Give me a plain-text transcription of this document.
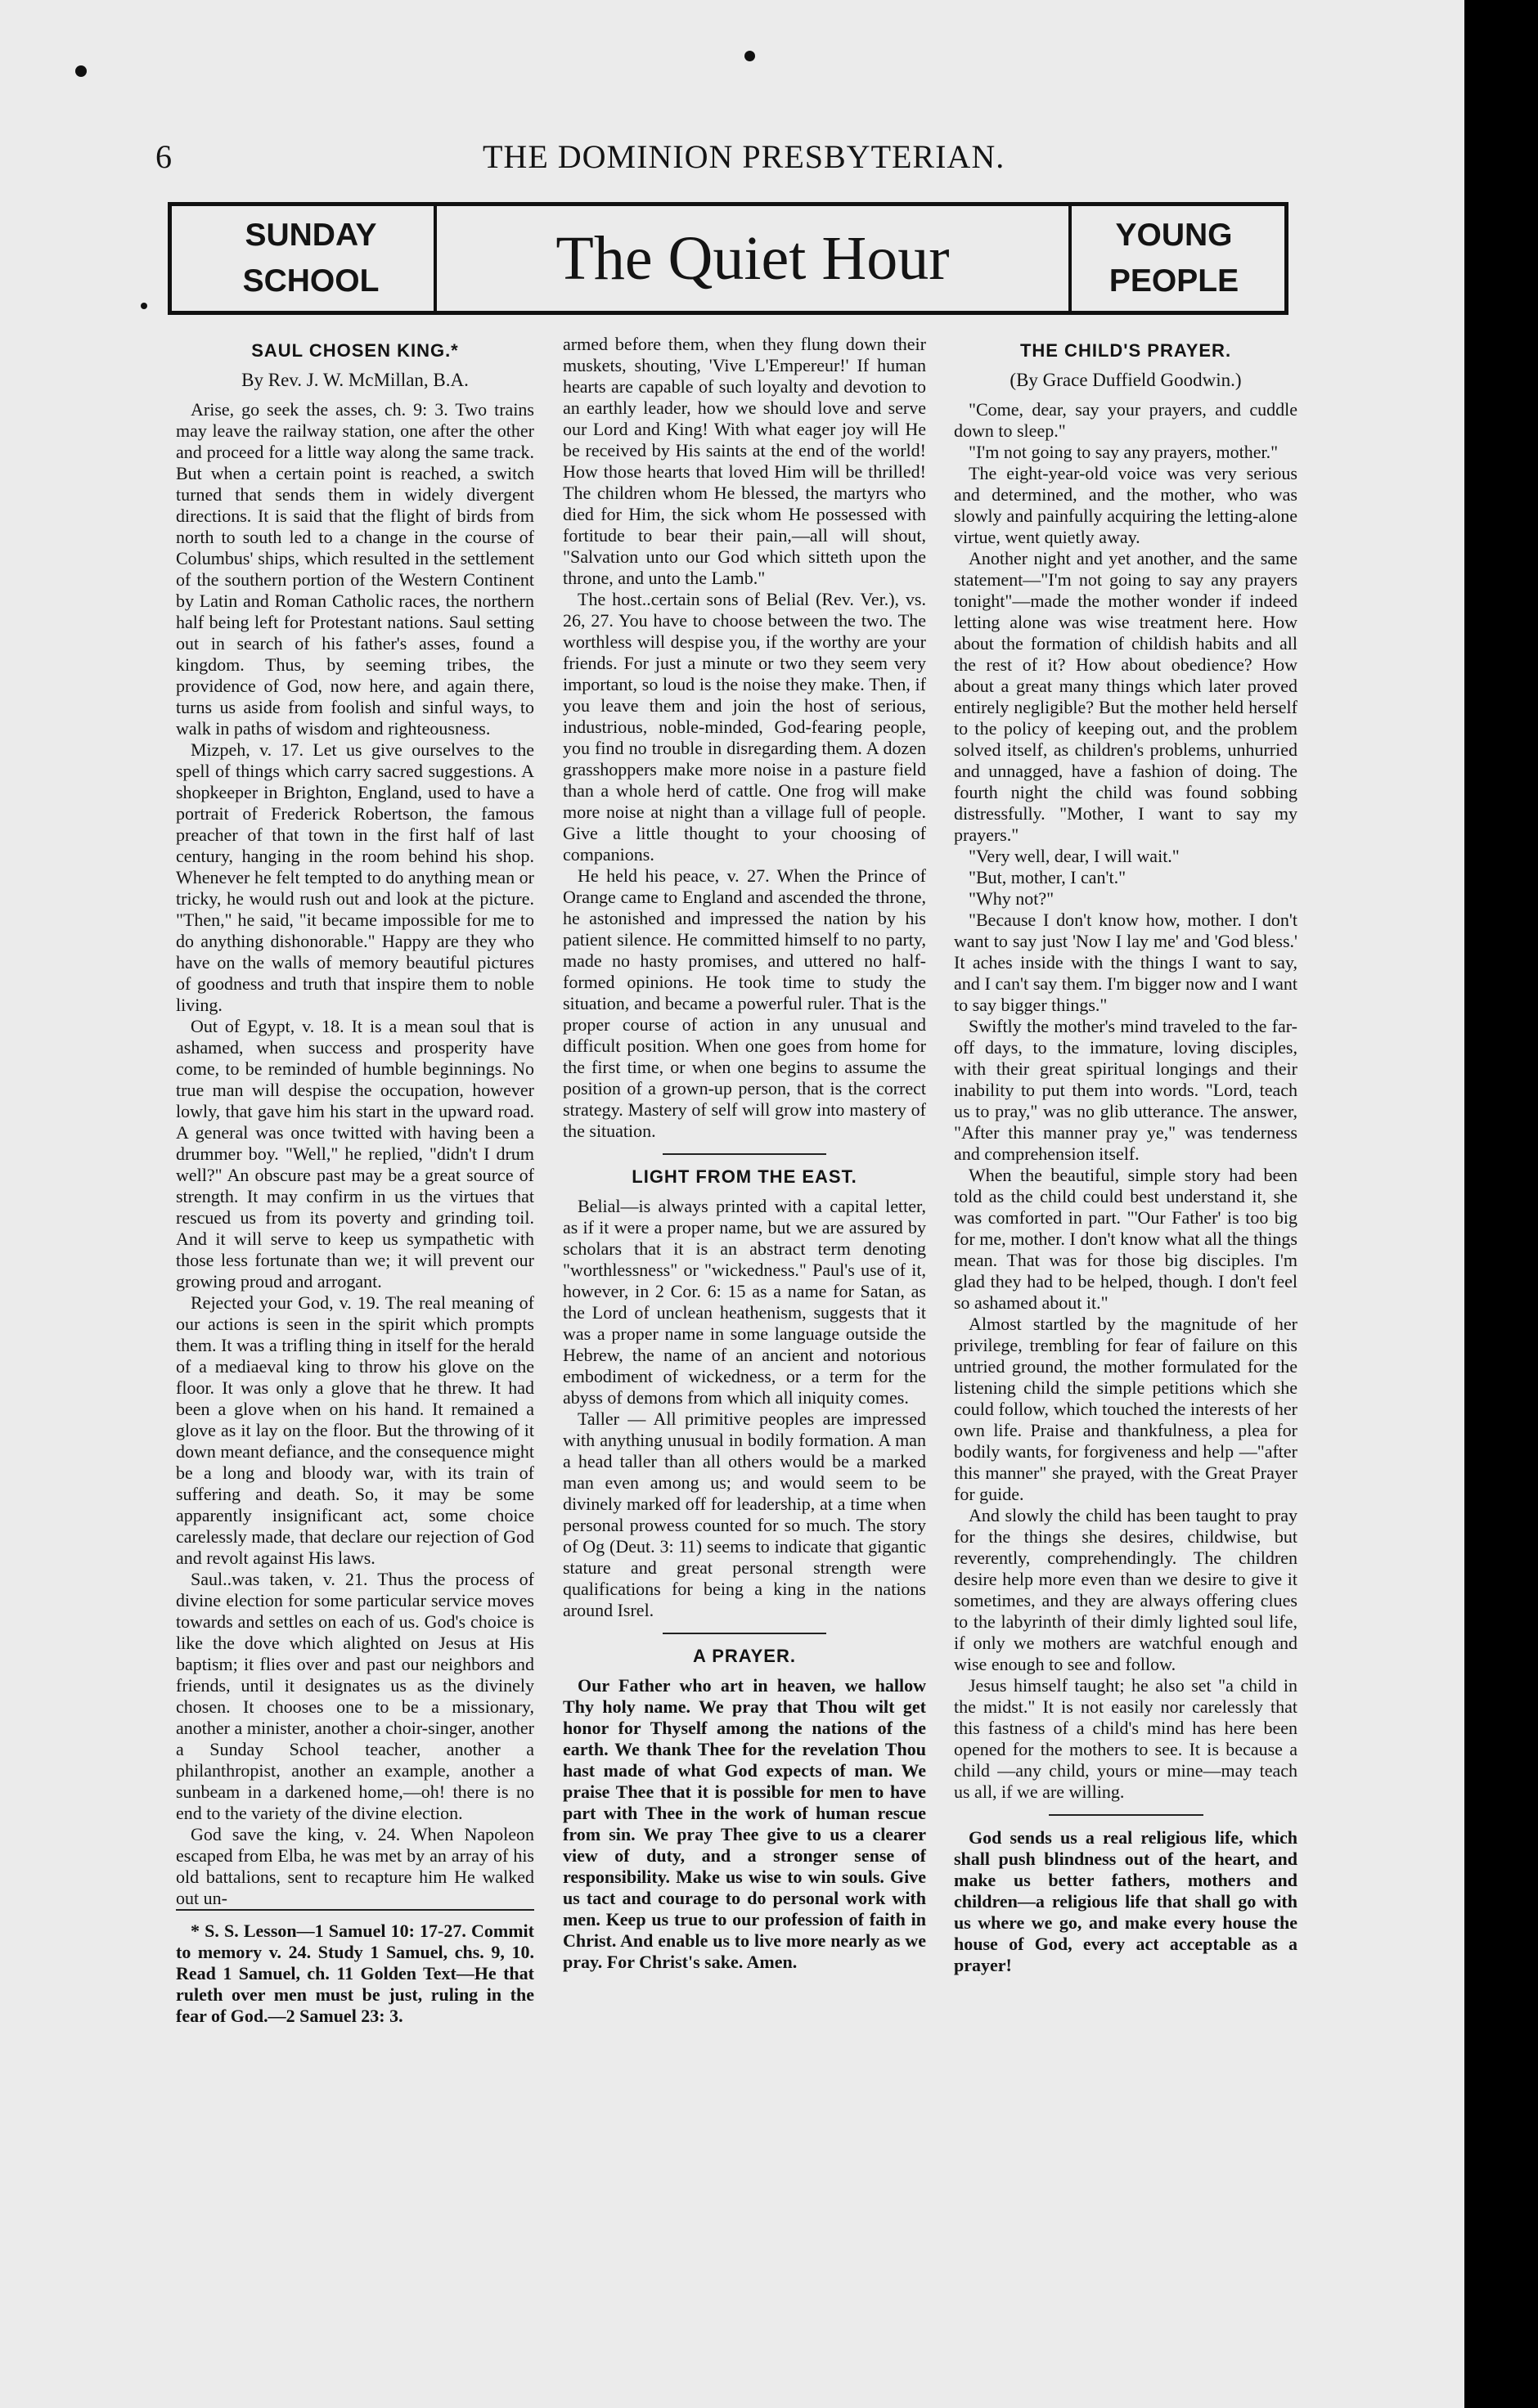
6	THE DOMINION PRESBYTERIAN.
SUNDAY
SCHOOL	The Quiet Hour	YOUNG
PEOPLE
SAUL CHOSEN KING.*
By Rev. J. W. McMillan, B.A.

Arise, go seek the asses, ch. 9: 3. Two trains may leave the railway station, one after the other and proceed for a little way along the same track. But when a certain point is reached, a switch turned that sends them in widely divergent directions. It is said that the flight of birds from north to south led to a change in the course of Columbus' ships, which resulted in the settlement of the southern portion of the Western Continent by Latin and Roman Catholic races, the northern half being left for Protestant nations. Saul setting out in search of his father's asses, found a kingdom. Thus, by seeming tribes, the providence of God, now here, and again there, turns us aside from foolish and sinful ways, to walk in paths of wisdom and righteousness.

Mizpeh, v. 17. Let us give ourselves to the spell of things which carry sacred suggestions. A shopkeeper in Brighton, England, used to have a portrait of Frederick Robertson, the famous preacher of that town in the first half of last century, hanging in the room behind his shop. Whenever he felt tempted to do anything mean or tricky, he would rush out and look at the picture. "Then," he said, "it became impossible for me to do anything dishonorable." Happy are they who have on the walls of memory beautiful pictures of goodness and truth that inspire them to noble living.

Out of Egypt, v. 18. It is a mean soul that is ashamed, when success and prosperity have come, to be reminded of humble beginnings. No true man will despise the occupation, however lowly, that gave him his start in the upward road. A general was once twitted with having been a drummer boy. "Well," he replied, "didn't I drum well?" An obscure past may be a great source of strength. It may confirm in us the virtues that rescued us from its poverty and grinding toil. And it will serve to keep us sympathetic with those less fortunate than we; it will prevent our growing proud and arrogant.

Rejected your God, v. 19. The real meaning of our actions is seen in the spirit which prompts them. It was a trifling thing in itself for the herald of a mediaeval king to throw his glove on the floor. It was only a glove that he threw. It had been a glove when on his hand. It remained a glove as it lay on the floor. But the throwing of it down meant defiance, and the consequence might be a long and bloody war, with its train of suffering and death. So, it may be some apparently insignificant act, some choice carelessly made, that declare our rejection of God and revolt against His laws.

Saul..was taken, v. 21. Thus the process of divine election for some particular service moves towards and settles on each of us. God's choice is like the dove which alighted on Jesus at His baptism; it flies over and past our neighbors and friends, until it designates us as the divinely chosen. It chooses one to be a missionary, another a minister, another a choir-singer, another a Sunday School teacher, another a philanthropist, another an example, another a sunbeam in a darkened home,—oh! there is no end to the variety of the divine election.

God save the king, v. 24. When Napoleon escaped from Elba, he was met by an array of his old battalions, sent to recapture him He walked out un-

* S. S. Lesson—1 Samuel 10: 17-27. Commit to memory v. 24. Study 1 Samuel, chs. 9, 10. Read 1 Samuel, ch. 11 Golden Text—He that ruleth over men must be just, ruling in the fear of God.—2 Samuel 23: 3.

armed before them, when they flung down their muskets, shouting, 'Vive L'Empereur!' If human hearts are capable of such loyalty and devotion to an earthly leader, how we should love and serve our Lord and King! With what eager joy will He be received by His saints at the end of the world! How those hearts that loved Him will be thrilled! The children whom He blessed, the martyrs who died for Him, the sick whom He possessed with fortitude to bear their pain,—all will shout, "Salvation unto our God which sitteth upon the throne, and unto the Lamb."

The host..certain sons of Belial (Rev. Ver.), vs. 26, 27. You have to choose between the two. The worthless will despise you, if the worthy are your friends. For just a minute or two they seem very important, so loud is the noise they make. Then, if you leave them and join the host of serious, industrious, noble-minded, God-fearing people, you find no trouble in disregarding them. A dozen grasshoppers make more noise in a pasture field than a whole herd of cattle. One frog will make more noise at night than a village full of people. Give a little thought to your choosing of companions.

He held his peace, v. 27. When the Prince of Orange came to England and ascended the throne, he astonished and impressed the nation by his patient silence. He committed himself to no party, made no hasty promises, and uttered no half-formed opinions. He took time to study the situation, and became a powerful ruler. That is the proper course of action in any unusual and difficult position. When one goes from home for the first time, or when one begins to assume the position of a grown-up person, that is the correct strategy. Mastery of self will grow into mastery of the situation.

LIGHT FROM THE EAST.

Belial—is always printed with a capital letter, as if it were a proper name, but we are assured by scholars that it is an abstract term denoting "worthlessness" or "wickedness." Paul's use of it, however, in 2 Cor. 6: 15 as a name for Satan, as the Lord of unclean heathenism, suggests that it was a proper name in some language outside the Hebrew, the name of an ancient and notorious embodiment of wickedness, or a term for the abyss of demons from which all iniquity comes.

Taller — All primitive peoples are impressed with anything unusual in bodily formation. A man a head taller than all others would be a marked man even among us; and would seem to be divinely marked off for leadership, at a time when personal prowess counted for so much. The story of Og (Deut. 3: 11) seems to indicate that gigantic stature and great personal strength were qualifications for being a king in the nations around Isrel.

A PRAYER.

Our Father who art in heaven, we hallow Thy holy name. We pray that Thou wilt get honor for Thyself among the nations of the earth. We thank Thee for the revelation Thou hast made of what God expects of man. We praise Thee that it is possible for men to have part with Thee in the work of human rescue from sin. We pray Thee give to us a clearer view of duty, and a stronger sense of responsibility. Make us wise to win souls. Give us tact and courage to do personal work with men. Keep us true to our profession of faith in Christ. And enable us to live more nearly as we pray. For Christ's sake. Amen.

THE CHILD'S PRAYER.
(By Grace Duffield Goodwin.)

"Come, dear, say your prayers, and cuddle down to sleep."

"I'm not going to say any prayers, mother."

The eight-year-old voice was very serious and determined, and the mother, who was slowly and painfully acquiring the letting-alone virtue, went quietly away.

Another night and yet another, and the same statement—"I'm not going to say any prayers tonight"—made the mother wonder if indeed letting alone was wise treatment here. How about the formation of childish habits and all the rest of it? How about obedience? How about a great many things which later proved entirely negligible? But the mother held herself to the policy of keeping out, and the problem solved itself, as children's problems, unhurried and unnagged, have a fashion of doing. The fourth night the child was found sobbing distressfully. "Mother, I want to say my prayers."

"Very well, dear, I will wait."

"But, mother, I can't."

"Why not?"

"Because I don't know how, mother. I don't want to say just 'Now I lay me' and 'God bless.' It aches inside with the things I want to say, and I can't say them. I'm bigger now and I want to say bigger things."

Swiftly the mother's mind traveled to the far-off days, to the immature, loving disciples, with their great spiritual longings and their inability to put them into words. "Lord, teach us to pray," was no glib utterance. The answer, "After this manner pray ye," was tenderness and comprehension itself.

When the beautiful, simple story had been told as the child could best understand it, she was comforted in part. "'Our Father' is too big for me, mother. I don't know what all the things mean. That was for those big disciples. I'm glad they had to be helped, though. I don't feel so ashamed about it."

Almost startled by the magnitude of her privilege, trembling for fear of failure on this untried ground, the mother formulated for the listening child the simple petitions which she could follow, which touched the interests of her own life. Praise and thankfulness, a plea for bodily wants, for forgiveness and help —"after this manner" she prayed, with the Great Prayer for guide.

And slowly the child has been taught to pray for the things she desires, childwise, but reverently, comprehendingly. The children desire help more even than we desire to give it sometimes, and they are always offering clues to the labyrinth of their dimly lighted soul life, if only we mothers are watchful enough and wise enough to see and follow.

Jesus himself taught; he also set "a child in the midst." It is not easily nor carelessly that this fastness of a child's mind has here been opened for the mothers to see. It is because a child —any child, yours or mine—may teach us all, if we are willing.

God sends us a real religious life, which shall push blindness out of the heart, and make us better fathers, mothers and children—a religious life that shall go with us where we go, and make every house the house of God, every act acceptable as a prayer!
